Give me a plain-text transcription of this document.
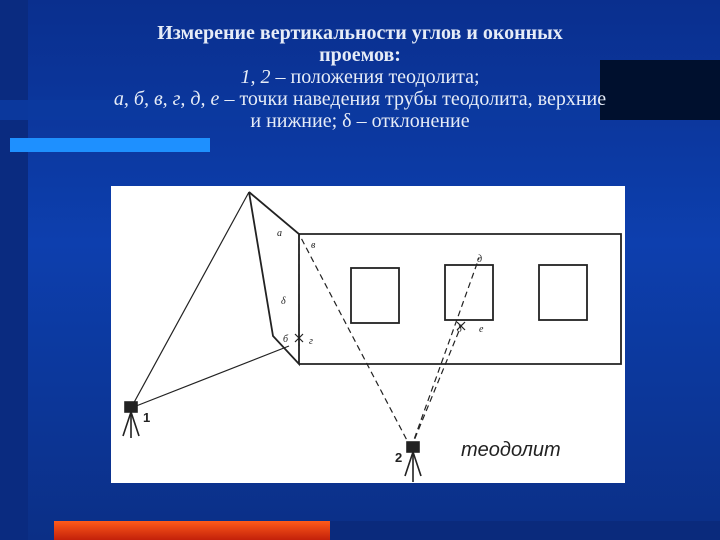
Измерение вертикальности углов и оконных
проемов:
1, 2 – положения теодолита;
а, б, в, г, д, е – точки наведения трубы теодолита, верхние
и нижние; δ – отклонение
а
в
δ
б г
д
δ е
1
2	теодолит
